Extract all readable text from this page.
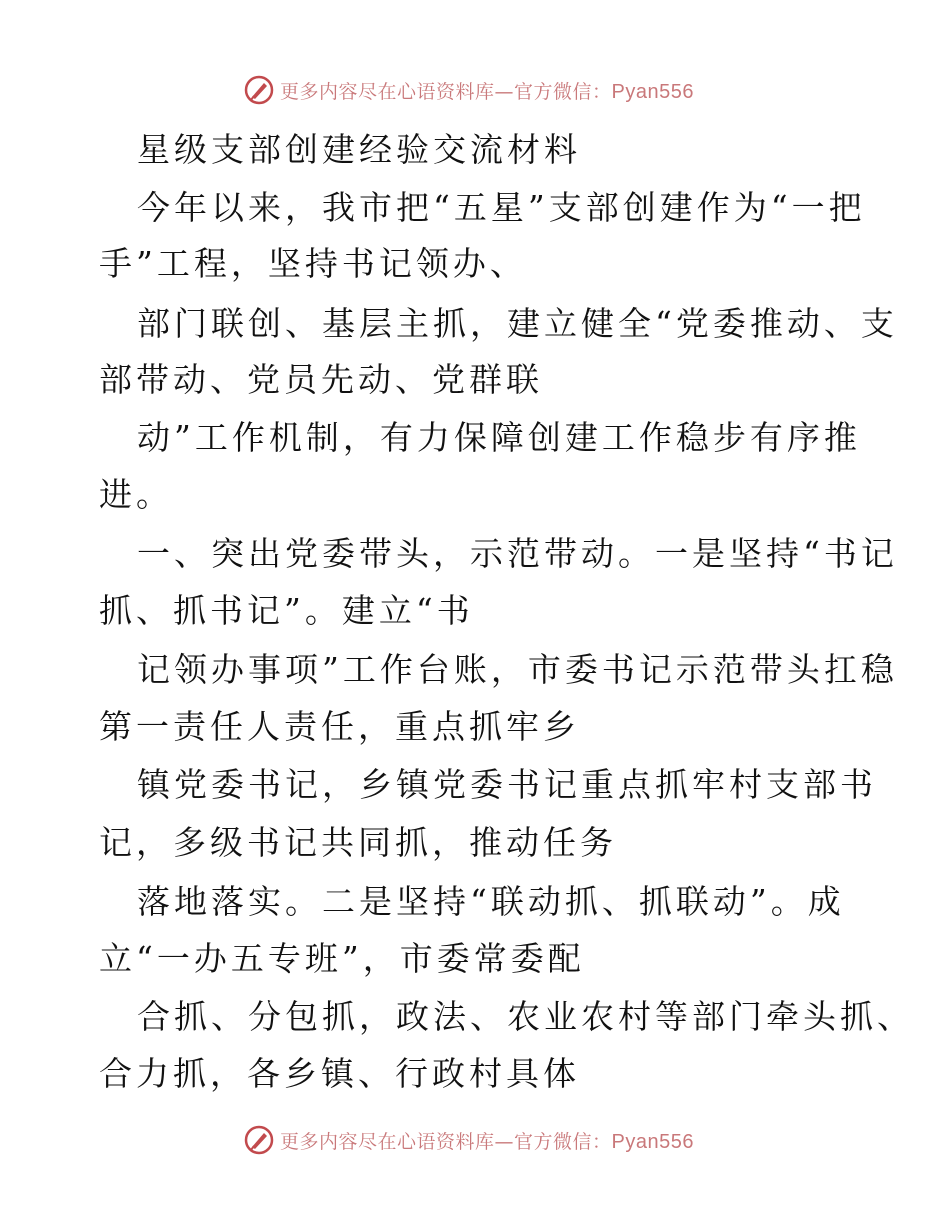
更多内容尽在心语资料库—官方微信：Pyan556
星级支部创建经验交流材料
今年以来，我市把“五星”支部创建作为“一把
手”工程，坚持书记领办、
部门联创、基层主抓，建立健全“党委推动、支
部带动、党员先动、党群联
动”工作机制，有力保障创建工作稳步有序推
进。
一、突出党委带头，示范带动。一是坚持“书记
抓、抓书记”。建立“书
记领办事项”工作台账，市委书记示范带头扛稳
第一责任人责任，重点抓牢乡
镇党委书记，乡镇党委书记重点抓牢村支部书
记，多级书记共同抓，推动任务
落地落实。二是坚持“联动抓、抓联动”。成
立“一办五专班”，市委常委配
合抓、分包抓，政法、农业农村等部门牵头抓、
合力抓，各乡镇、行政村具体
更多内容尽在心语资料库—官方微信：Pyan556
